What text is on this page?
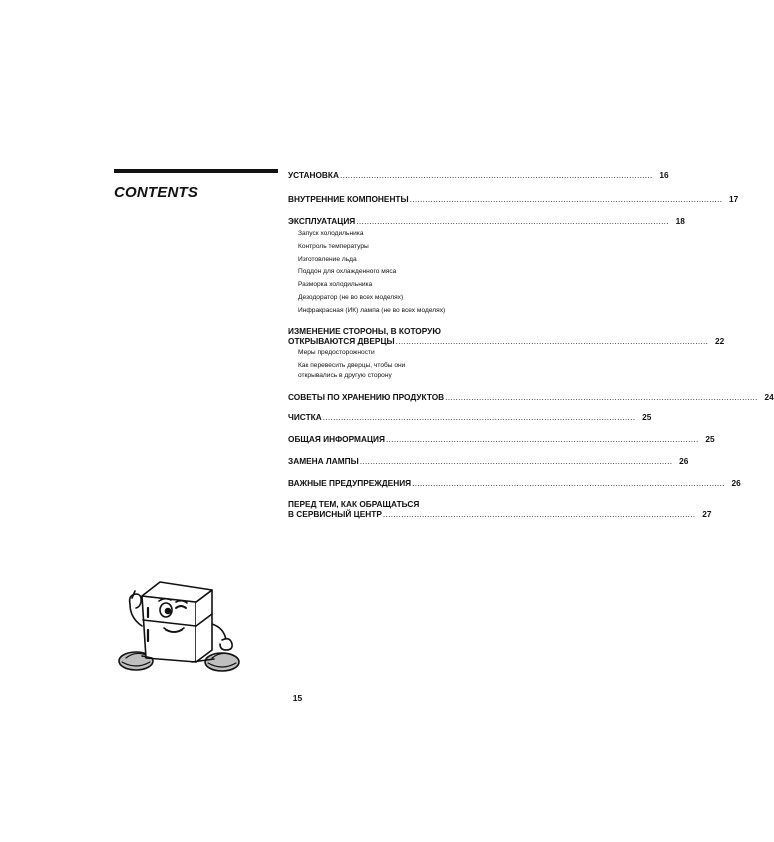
CONTENTS
УСТАНОВКА ........................................................................................................................ 16
ВНУТРЕННИЕ КОМПОНЕНТЫ ........................................................................................................................ 17
ЭКСПЛУАТАЦИЯ ........................................................................................................................ 18
Запуск холодильника
Контроль температуры
Изготовление льда
Поддон для охлажденного мяса
Разморка холодильника
Дезодоратор (не во всех моделях)
Инфракрасная (ИК) лампа (не во всех моделях)
ИЗМЕНЕНИЕ СТОРОНЫ, В КОТОРУЮ
ОТКРЫВАЮТСЯ ДВЕРЦЫ ........................................................................................................................ 22
Меры предосторожности
Как перевесить дверцы, чтобы они
открывались в другую сторону
СОВЕТЫ ПО ХРАНЕНИЮ ПРОДУКТОВ ........................................................................................................................ 24
ЧИСТКА ........................................................................................................................ 25
ОБЩАЯ ИНФОРМАЦИЯ ........................................................................................................................ 25
ЗАМЕНА ЛАМПЫ ........................................................................................................................ 26
ВАЖНЫЕ ПРЕДУПРЕЖДЕНИЯ ........................................................................................................................ 26
ПЕРЕД ТЕМ, КАК ОБРАЩАТЬСЯ
В СЕРВИСНЫЙ ЦЕНТР ........................................................................................................................ 27
15
